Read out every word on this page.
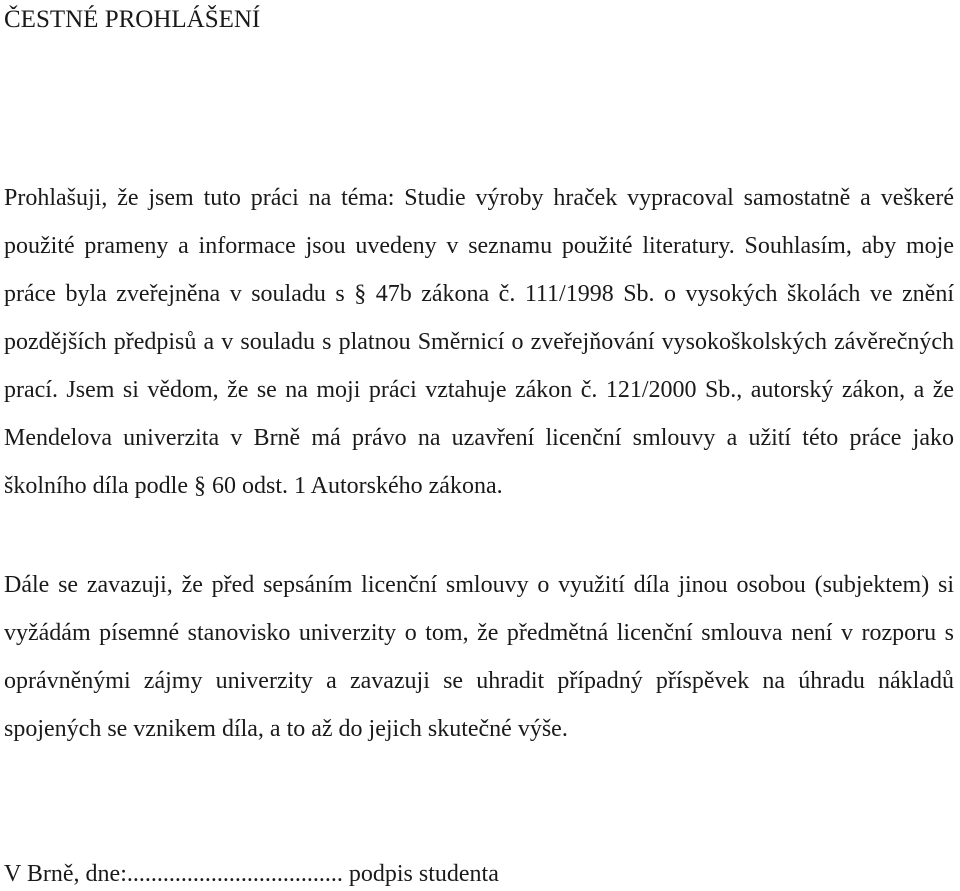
ČESTNÉ PROHLÁŠENÍ

Prohlašuji, že jsem tuto práci na téma: Studie výroby hraček vypracoval samostatně a veškeré použité prameny a informace jsou uvedeny v seznamu použité literatury. Souhlasím, aby moje práce byla zveřejněna v souladu s § 47b zákona č. 111/1998 Sb. o vysokých školách ve znění pozdějších předpisů a v souladu s platnou Směrnicí o zveřejňování vysokoškolských závěrečných prací. Jsem si vědom, že se na moji práci vztahuje zákon č. 121/2000 Sb., autorský zákon, a že Mendelova univerzita v Brně má právo na uzavření licenční smlouvy a užití této práce jako školního díla podle § 60 odst. 1 Autorského zákona.

Dále se zavazuji, že před sepsáním licenční smlouvy o využití díla jinou osobou (subjektem) si vyžádám písemné stanovisko univerzity o tom, že předmětná licenční smlouva není v rozporu s oprávněnými zájmy univerzity a zavazuji se uhradit případný příspěvek na úhradu nákladů spojených se vznikem díla, a to až do jejich skutečné výše.

V Brně, dne:.................................... podpis studenta
